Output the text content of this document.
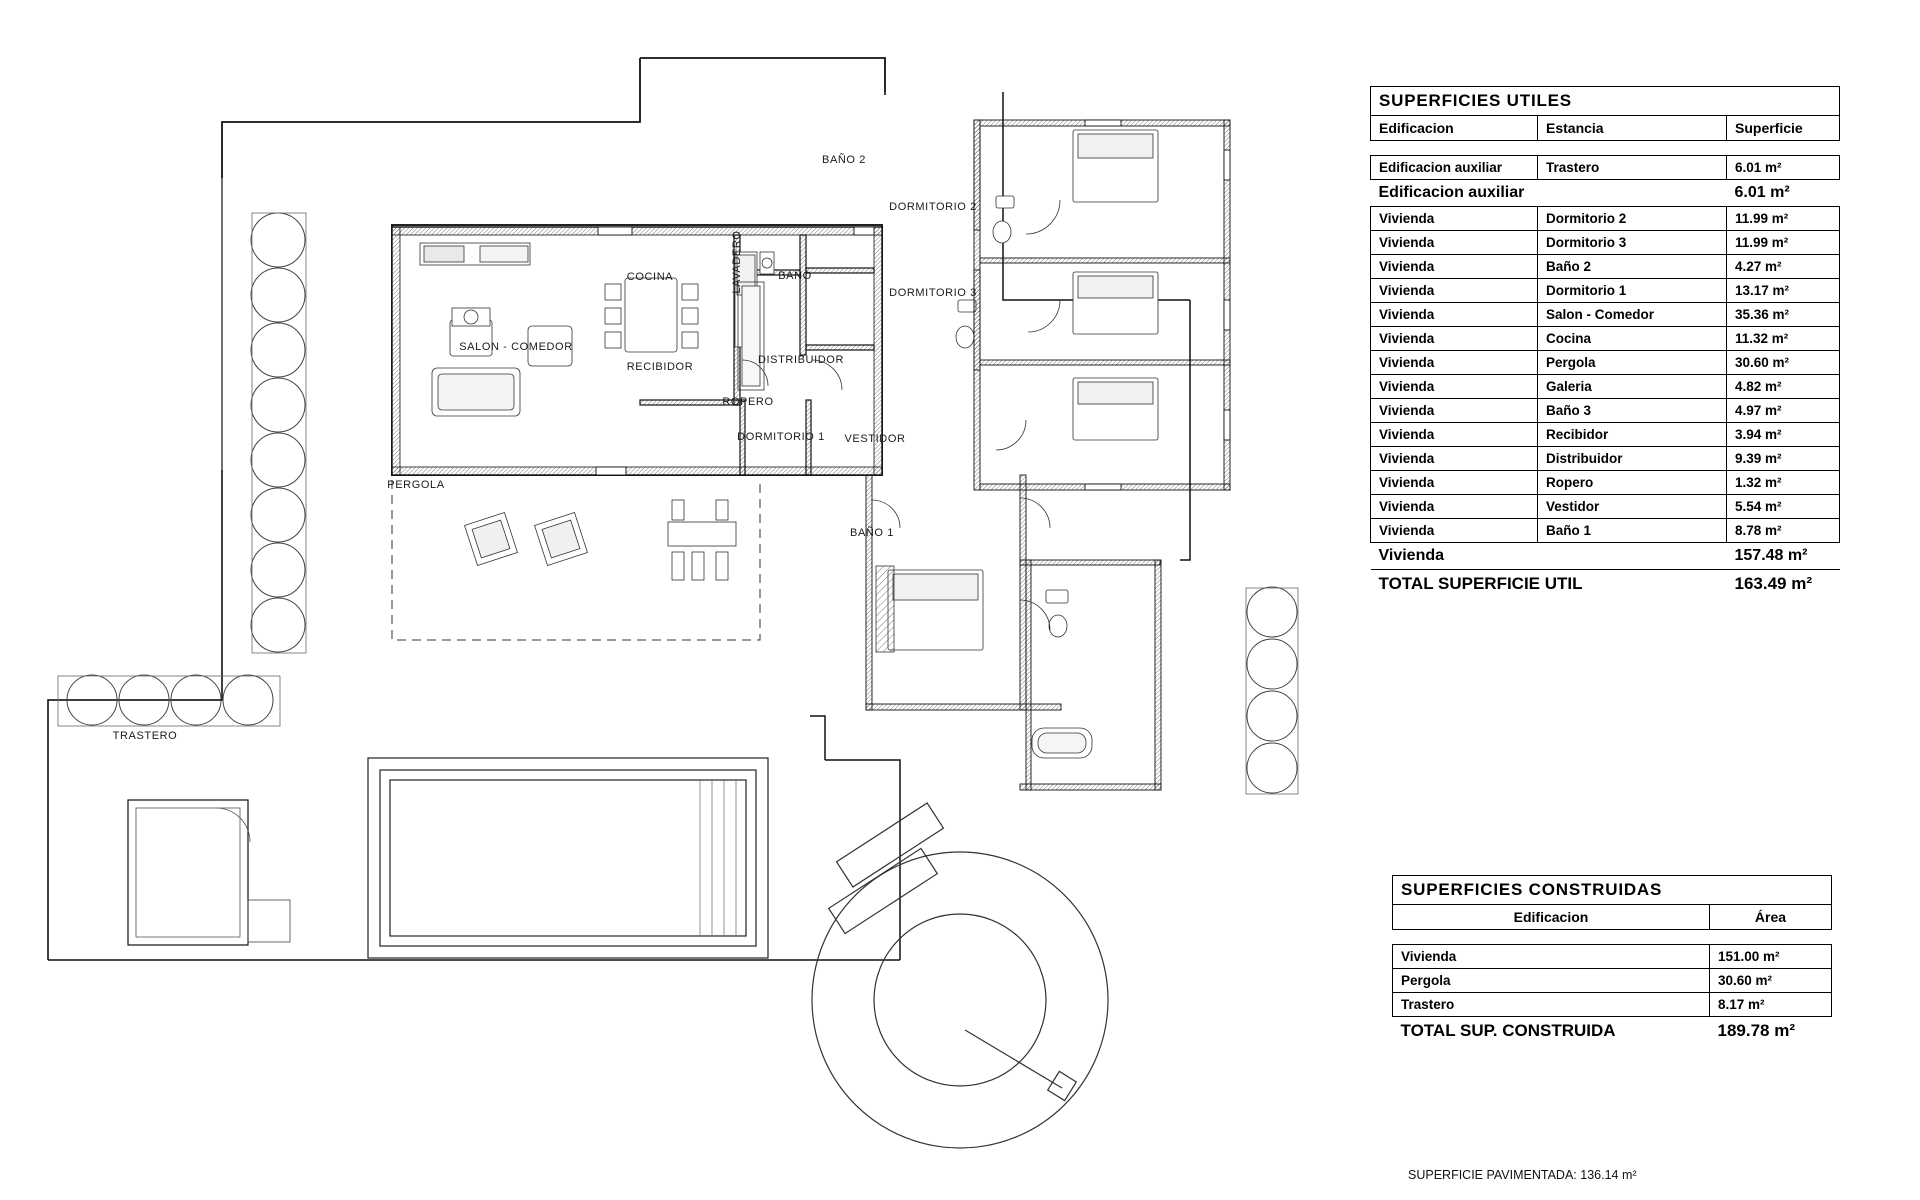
SALON - COMEDOR
COCINA	LAVADERO	BAÑO
BAÑO 2
DORMITORIO 2
DORMITORIO 3
DISTRIBUIDOR
RECIBIDOR
ROPERO
VESTIDOR
DORMITORIO 1
BAÑO 1
PERGOLA
TRASTERO
SUPERFICIES UTILES		
Edificacion	Estancia	Superficie

Edificacion auxiliar	Trastero	6.01 m²
Edificacion auxiliar		6.01 m²
Vivienda	Dormitorio 2	11.99 m²
Vivienda	Dormitorio 3	11.99 m²
Vivienda	Baño 2	4.27 m²
Vivienda	Dormitorio 1	13.17 m²
Vivienda	Salon - Comedor	35.36 m²
Vivienda	Cocina	11.32 m²
Vivienda	Pergola	30.60 m²
Vivienda	Galeria	4.82 m²
Vivienda	Baño 3	4.97 m²
Vivienda	Recibidor	3.94 m²
Vivienda	Distribuidor	9.39 m²
Vivienda	Ropero	1.32 m²
Vivienda	Vestidor	5.54 m²
Vivienda	Baño 1	8.78 m²
Vivienda		157.48 m²
TOTAL SUPERFICIE UTIL		163.49 m²
SUPERFICIES CONSTRUIDAS	
Edificacion	Área

Vivienda	151.00 m²
Pergola	30.60 m²
Trastero	8.17 m²
TOTAL SUP. CONSTRUIDA	189.78 m²
SUPERFICIE PAVIMENTADA: 136.14 m²
